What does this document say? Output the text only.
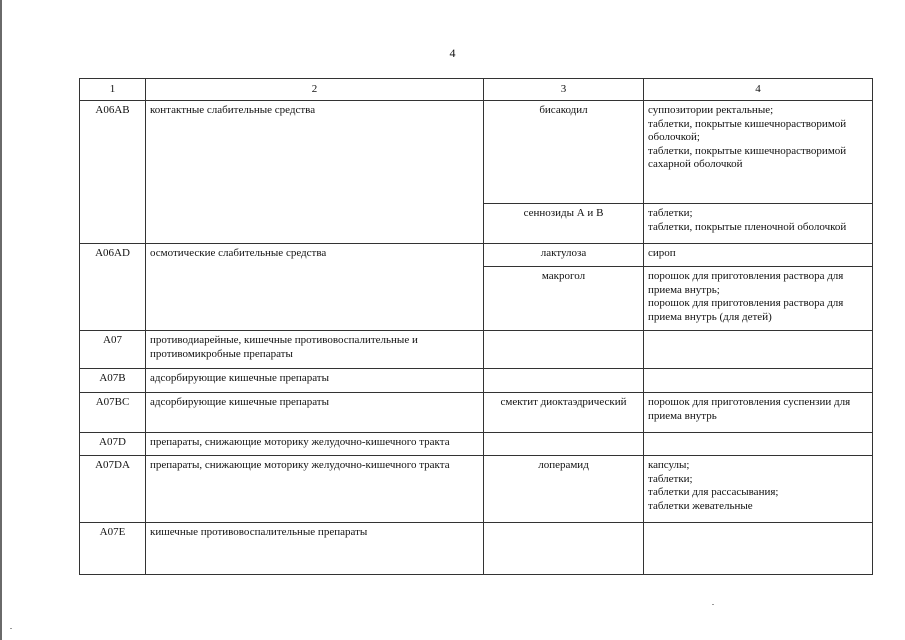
4
1	2	3	4
A06AB	контактные слабительные средства	бисакодил	суппозитории ректальные;
таблетки, покрытые кишечнорастворимой оболочкой;
таблетки, покрытые кишечнорастворимой сахарной оболочкой

		сеннозиды А и В	таблетки;
таблетки, покрытые пленочной оболочкой

A06AD	осмотические слабительные средства	лактулоза	сироп

		макрогол	порошок для приготовления раствора для приема внутрь;
порошок для приготовления раствора для приема внутрь (для детей)

A07	противодиарейные, кишечные противовоспалительные и противомикробные препараты		
A07B	адсорбирующие кишечные препараты		
A07BC	адсорбирующие кишечные препараты	смектит диоктаэдрический	порошок для приготовления суспензии для приема внутрь

A07D	препараты, снижающие моторику желудочно-кишечного тракта		
A07DA	препараты, снижающие моторику желудочно-кишечного тракта	лоперамид	капсулы;
таблетки;
таблетки для рассасывания;
таблетки жевательные

A07E	кишечные противовоспалительные препараты		
